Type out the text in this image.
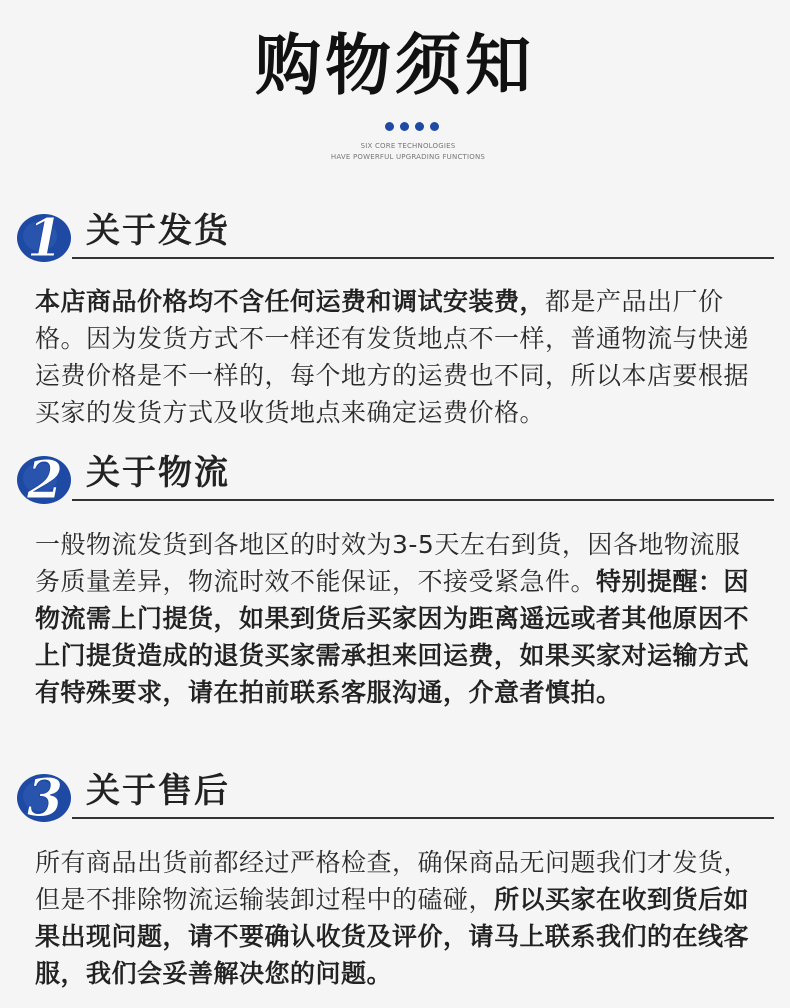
购物须知
SIX CORE TECHNOLOGIES
HAVE POWERFUL UPGRADING FUNCTIONS
1 关于发货

本店商品价格均不含任何运费和调试安装费，都是产品出厂价格。因为发货方式不一样还有发货地点不一样，普通物流与快递运费价格是不一样的，每个地方的运费也不同，所以本店要根据买家的发货方式及收货地点来确定运费价格。

2 关于物流

一般物流发货到各地区的时效为3-5天左右到货，因各地物流服务质量差异，物流时效不能保证，不接受紧急件。特别提醒：因物流需上门提货，如果到货后买家因为距离遥远或者其他原因不上门提货造成的退货买家需承担来回运费，如果买家对运输方式有特殊要求，请在拍前联系客服沟通，介意者慎拍。

3 关于售后

所有商品出货前都经过严格检查，确保商品无问题我们才发货，但是不排除物流运输装卸过程中的磕碰，所以买家在收到货后如果出现问题，请不要确认收货及评价，请马上联系我们的在线客服，我们会妥善解决您的问题。
